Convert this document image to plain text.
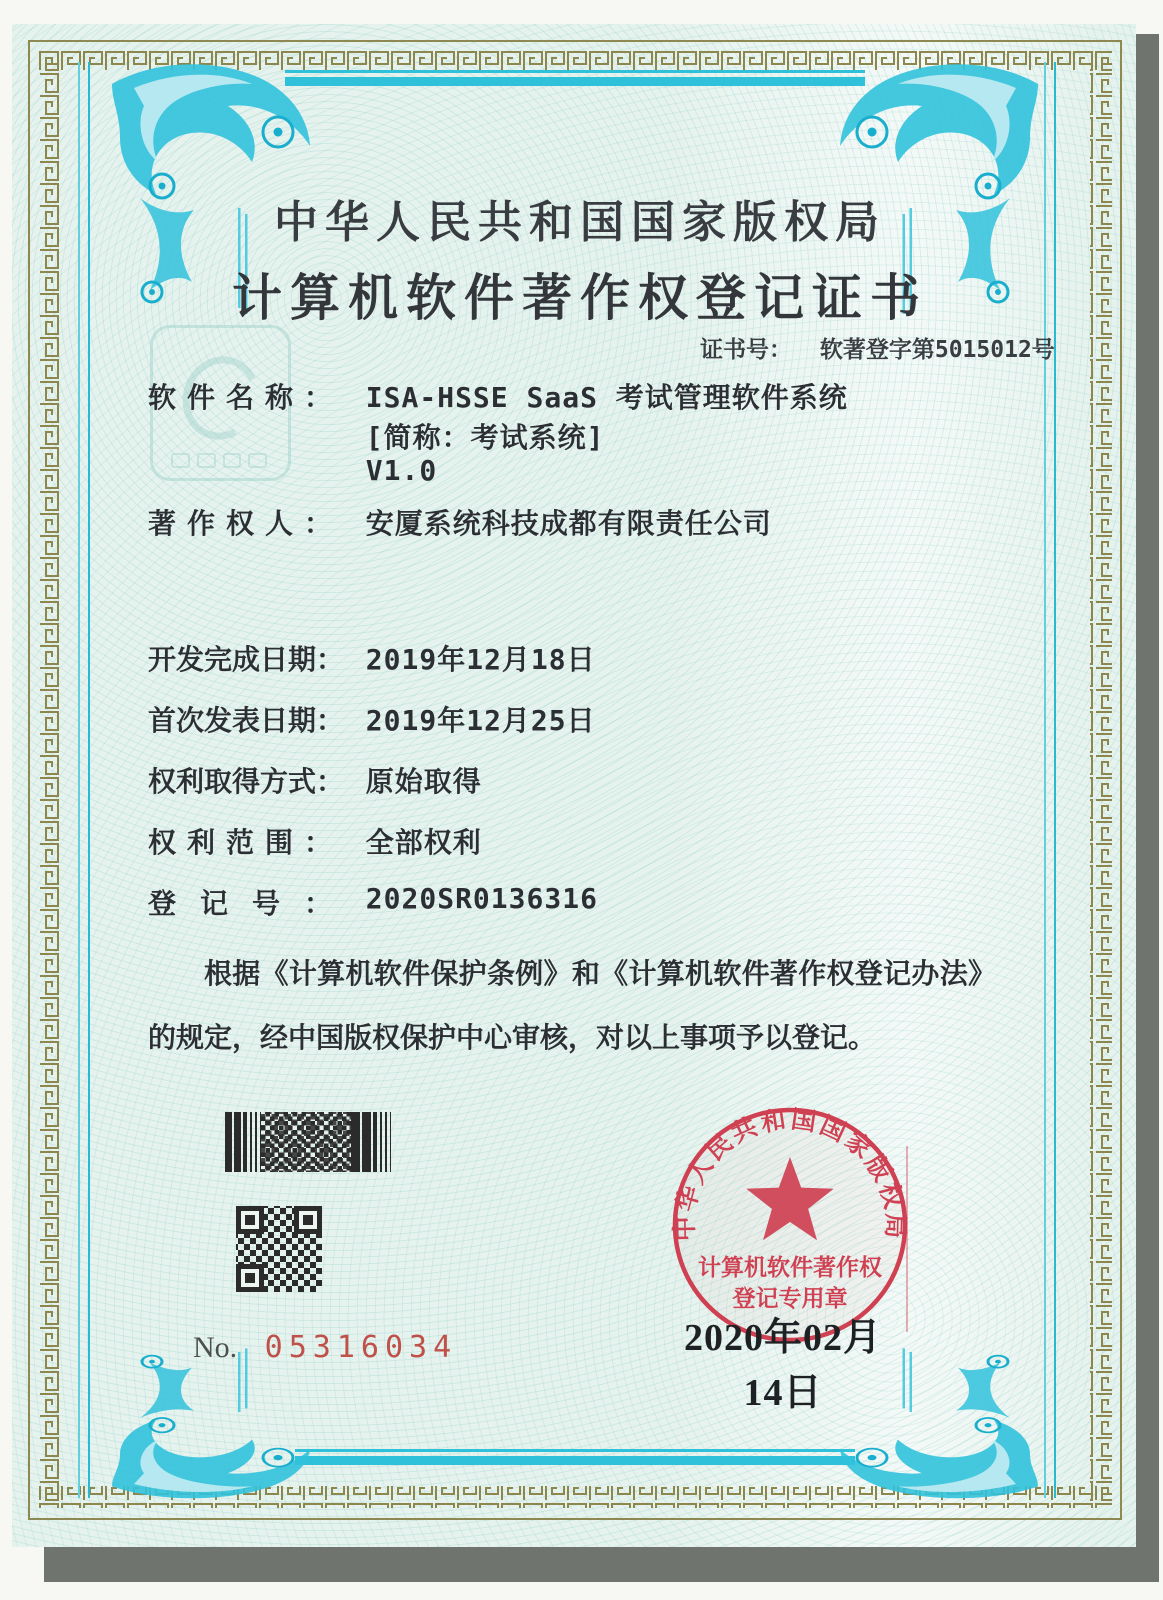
中华人民共和国国家版权局
计算机软件著作权登记证书
证书号： 软著登字第5015012号
软件名称： ISA-HSSE SaaS 考试管理软件系统
[简称：考试系统]
V1.0
著作权人： 安厦系统科技成都有限责任公司
开发完成日期： 2019年12月18日
首次发表日期： 2019年12月25日
权利取得方式： 原始取得
权利范围： 全部权利
登记号： 2020SR0136316
根据《计算机软件保护条例》和《计算机软件著作权登记办法》的规定，经中国版权保护中心审核，对以上事项予以登记。
No. 05316034
中华人民共和国国家版权局
计算机软件著作权
登记专用章
2020年02月14日
